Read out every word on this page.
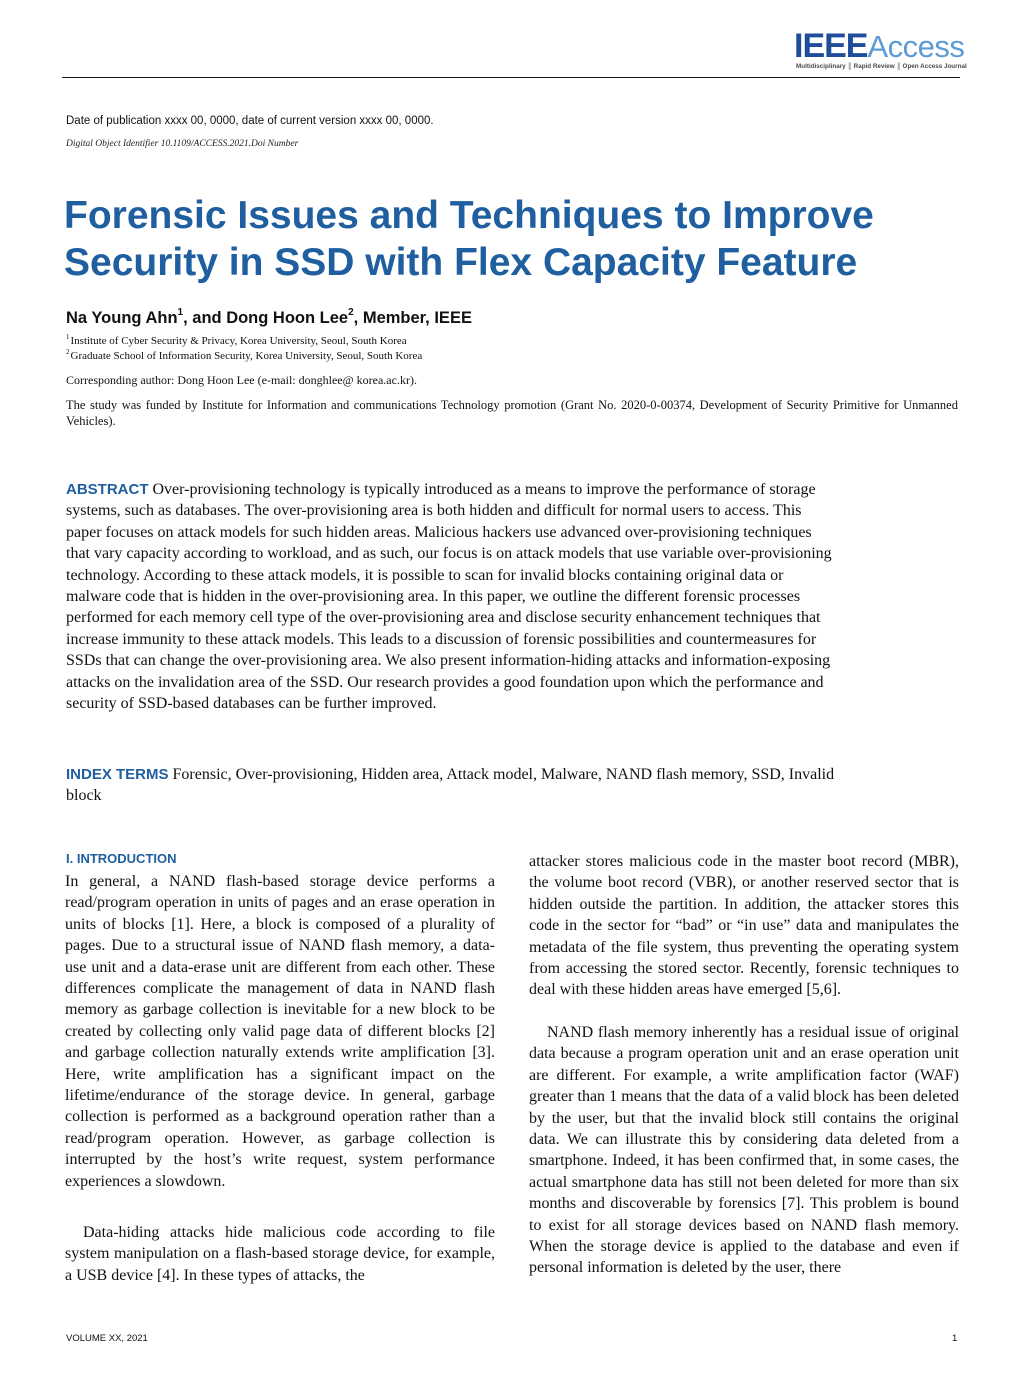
IEEEAccess
Multidisciplinary ║ Rapid Review ║ Open Access Journal
Date of publication xxxx 00, 0000, date of current version xxxx 00, 0000.
Digital Object Identifier 10.1109/ACCESS.2021.Doi Number
Forensic Issues and Techniques to Improve Security in SSD with Flex Capacity Feature
Na Young Ahn$^1$, and Dong Hoon Lee$^2$, Member, IEEE
$^1$Institute of Cyber Security & Privacy, Korea University, Seoul, South Korea
$^2$Graduate School of Information Security, Korea University, Seoul, South Korea
Corresponding author: Dong Hoon Lee (e-mail: donghlee@ korea.ac.kr).
The study was funded by Institute for Information and communications Technology promotion (Grant No. 2020-0-00374, Development of Security Primitive for Unmanned Vehicles).

ABSTRACT Over-provisioning technology is typically introduced as a means to improve the performance of storage systems, such as databases. The over-provisioning area is both hidden and difficult for normal users to access. This paper focuses on attack models for such hidden areas. Malicious hackers use advanced over-provisioning techniques that vary capacity according to workload, and as such, our focus is on attack models that use variable over-provisioning technology. According to these attack models, it is possible to scan for invalid blocks containing original data or malware code that is hidden in the over-provisioning area. In this paper, we outline the different forensic processes performed for each memory cell type of the over-provisioning area and disclose security enhancement techniques that increase immunity to these attack models. This leads to a discussion of forensic possibilities and countermeasures for SSDs that can change the over-provisioning area. We also present information-hiding attacks and information-exposing attacks on the invalidation area of the SSD. Our research provides a good foundation upon which the performance and security of SSD-based databases can be further improved.

INDEX TERMS Forensic, Over-provisioning, Hidden area, Attack model, Malware, NAND flash memory, SSD, Invalid block

I. INTRODUCTION

In general, a NAND flash-based storage device performs a read/program operation in units of pages and an erase operation in units of blocks [1]. Here, a block is composed of a plurality of pages. Due to a structural issue of NAND flash memory, a data-use unit and a data-erase unit are different from each other. These differences complicate the management of data in NAND flash memory as garbage collection is inevitable for a new block to be created by collecting only valid page data of different blocks [2] and garbage collection naturally extends write amplification [3]. Here, write amplification has a significant impact on the lifetime/endurance of the storage device. In general, garbage collection is performed as a background operation rather than a read/program operation. However, as garbage collection is interrupted by the host’s write request, system performance experiences a slowdown.

Data-hiding attacks hide malicious code according to file system manipulation on a flash-based storage device, for example, a USB device [4]. In these types of attacks, the

attacker stores malicious code in the master boot record (MBR), the volume boot record (VBR), or another reserved sector that is hidden outside the partition. In addition, the attacker stores this code in the sector for “bad” or “in use” data and manipulates the metadata of the file system, thus preventing the operating system from accessing the stored sector. Recently, forensic techniques to deal with these hidden areas have emerged [5,6].

NAND flash memory inherently has a residual issue of original data because a program operation unit and an erase operation unit are different. For example, a write amplification factor (WAF) greater than 1 means that the data of a valid block has been deleted by the user, but that the invalid block still contains the original data. We can illustrate this by considering data deleted from a smartphone. Indeed, it has been confirmed that, in some cases, the actual smartphone data has still not been deleted for more than six months and discoverable by forensics [7]. This problem is bound to exist for all storage devices based on NAND flash memory. When the storage device is applied to the database and even if personal information is deleted by the user, there

VOLUME XX, 2021	1
